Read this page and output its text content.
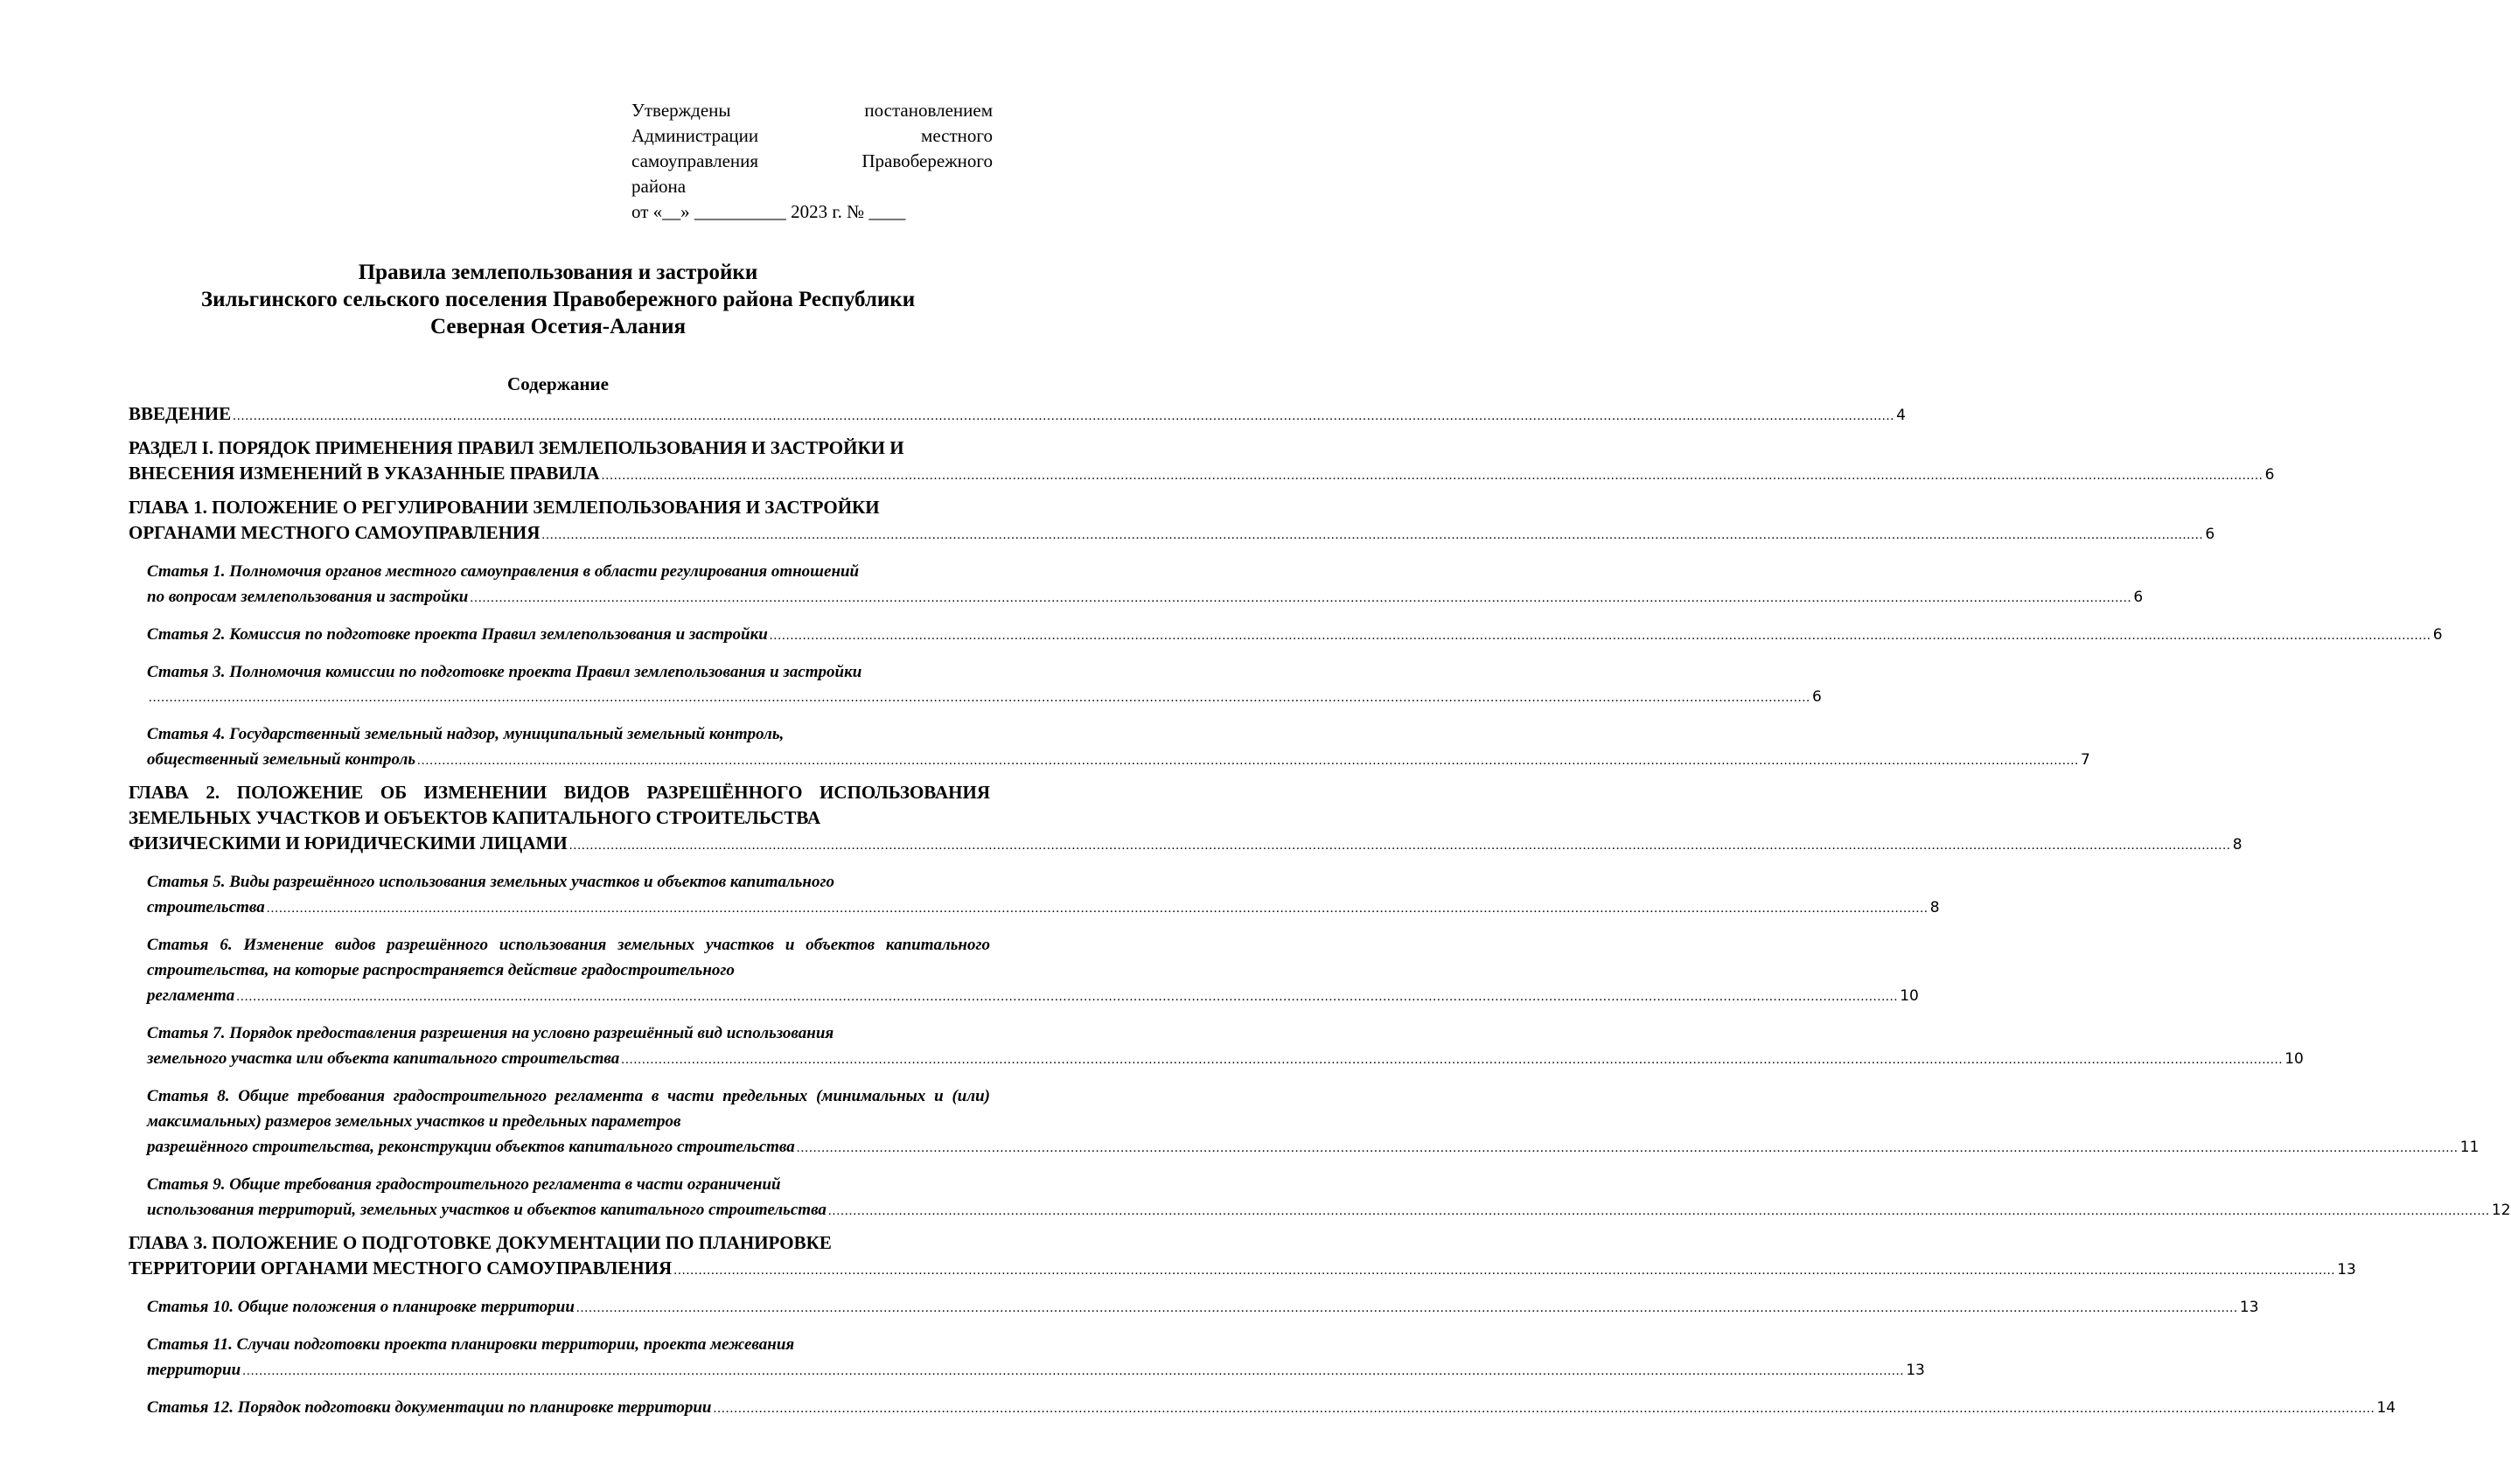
Утверждены	постановлением
Администрации	местного
самоуправления	Правобережного
района
от «__» __________ 2023 г. № ____
Правила землепользования и застройки
Зильгинского сельского поселения Правобережного района Республики
Северная Осетия-Алания
Содержание
ВВЕДЕНИЕ ................................................................................................................................................................................................................................................................................................................................................................................................................ 4
РАЗДЕЛ I. ПОРЯДОК ПРИМЕНЕНИЯ ПРАВИЛ ЗЕМЛЕПОЛЬЗОВАНИЯ И ЗАСТРОЙКИ И
ВНЕСЕНИЯ ИЗМЕНЕНИЙ В УКАЗАННЫЕ ПРАВИЛА ................................................................................................................................................................................................................................................................................................................................................................................................................ 6
ГЛАВА 1. ПОЛОЖЕНИЕ О РЕГУЛИРОВАНИИ ЗЕМЛЕПОЛЬЗОВАНИЯ И ЗАСТРОЙКИ
ОРГАНАМИ МЕСТНОГО САМОУПРАВЛЕНИЯ ................................................................................................................................................................................................................................................................................................................................................................................................................ 6
Статья 1. Полномочия органов местного самоуправления в области регулирования отношений
по вопросам землепользования и застройки ................................................................................................................................................................................................................................................................................................................................................................................................................ 6
Статья 2. Комиссия по подготовке проекта Правил землепользования и застройки ................................................................................................................................................................................................................................................................................................................................................................................................................ 6
Статья 3. Полномочия комиссии по подготовке проекта Правил землепользования и застройки
................................................................................................................................................................................................................................................................................................................................................................................................................ 6
Статья 4. Государственный земельный надзор, муниципальный земельный контроль,
общественный земельный контроль ................................................................................................................................................................................................................................................................................................................................................................................................................ 7
ГЛАВА 2. ПОЛОЖЕНИЕ ОБ ИЗМЕНЕНИИ ВИДОВ РАЗРЕШЁННОГО ИСПОЛЬЗОВАНИЯ ЗЕМЕЛЬНЫХ УЧАСТКОВ И ОБЪЕКТОВ КАПИТАЛЬНОГО СТРОИТЕЛЬСТВА
ФИЗИЧЕСКИМИ И ЮРИДИЧЕСКИМИ ЛИЦАМИ ................................................................................................................................................................................................................................................................................................................................................................................................................ 8
Статья 5. Виды разрешённого использования земельных участков и объектов капитального
строительства ................................................................................................................................................................................................................................................................................................................................................................................................................ 8
Статья 6. Изменение видов разрешённого использования земельных участков и объектов капитального строительства, на которые распространяется действие градостроительного
регламента ................................................................................................................................................................................................................................................................................................................................................................................................................ 10
Статья 7. Порядок предоставления разрешения на условно разрешённый вид использования
земельного участка или объекта капитального строительства ................................................................................................................................................................................................................................................................................................................................................................................................................ 10
Статья 8. Общие требования градостроительного регламента в части предельных (минимальных и (или) максимальных) размеров земельных участков и предельных параметров
разрешённого строительства, реконструкции объектов капитального строительства ................................................................................................................................................................................................................................................................................................................................................................................................................ 11
Статья 9. Общие требования градостроительного регламента в части ограничений
использования территорий, земельных участков и объектов капитального строительства ................................................................................................................................................................................................................................................................................................................................................................................................................ 12
ГЛАВА 3. ПОЛОЖЕНИЕ О ПОДГОТОВКЕ ДОКУМЕНТАЦИИ ПО ПЛАНИРОВКЕ
ТЕРРИТОРИИ ОРГАНАМИ МЕСТНОГО САМОУПРАВЛЕНИЯ ................................................................................................................................................................................................................................................................................................................................................................................................................ 13
Статья 10. Общие положения о планировке территории ................................................................................................................................................................................................................................................................................................................................................................................................................ 13
Статья 11. Случаи подготовки проекта планировки территории, проекта межевания
территории ................................................................................................................................................................................................................................................................................................................................................................................................................ 13
Статья 12. Порядок подготовки документации по планировке территории ................................................................................................................................................................................................................................................................................................................................................................................................................ 14
